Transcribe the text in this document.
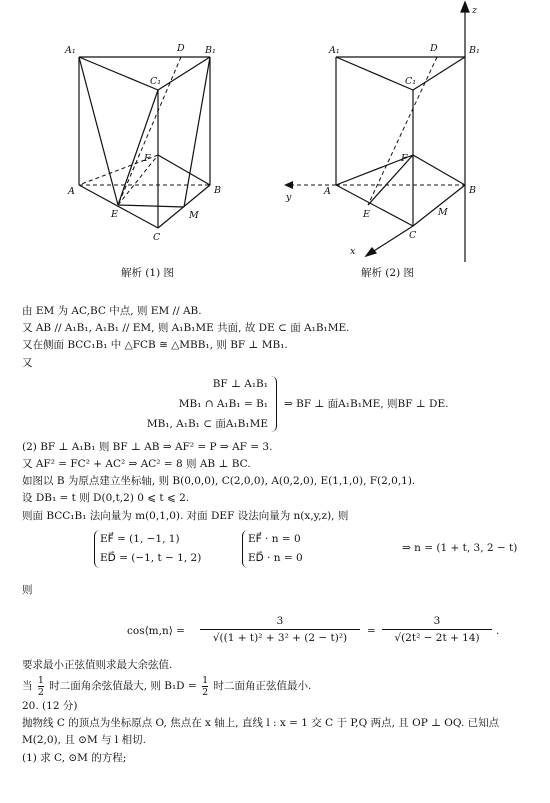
A₁	D B₁
C₁
F
A	B
E	M
C
解析 (1) 图
z
A₁	D	B₁
C₁
F
A	B
E	M
C
y
x
解析 (2) 图
由 EM 为 AC,BC 中点, 则 EM // AB.
又 AB // A₁B₁, A₁B₁ // EM, 则 A₁B₁ME 共面, 故 DE ⊂ 面 A₁B₁ME.
又在侧面 BCC₁B₁ 中 △FCB ≅ △MBB₁, 则 BF ⊥ MB₁.
又
BF ⊥ A₁B₁
MB₁ ∩ A₁B₁ = B₁
MB₁, A₁B₁ ⊂ 面A₁B₁ME
⇒ BF ⊥ 面A₁B₁ME, 则BF ⊥ DE.
(2) BF ⊥ A₁B₁ 则 BF ⊥ AB ⇒ AF² = P ⇒ AF = 3.
又 AF² = FC² + AC² ⇒ AC² = 8 则 AB ⊥ BC.
如图以 B 为原点建立坐标轴, 则 B(0,0,0), C(2,0,0), A(0,2,0), E(1,1,0), F(2,0,1).
设 DB₁ = t 则 D(0,t,2) 0 ⩽ t ⩽ 2.
则面 BCC₁B₁ 法向量为 m(0,1,0). 对面 DEF 设法向量为 n(x,y,z), 则
EF⃗ = (1, −1, 1)
ED⃗ = (−1, t − 1, 2)
EF⃗ · n = 0
ED⃗ · n = 0
⇒ n = (1 + t, 3, 2 − t)
则
cos⟨m,n⟩ = $\frac{3}{\text{√((1 + t)² + 3² + (2 − t)²)}} = \frac{3}{\text{√(2t² − 2t + 14)}}$ .
要求最小正弦值则求最大余弦值.
当 $\frac{1}{2}$ 时二面角余弦值最大, 则 $B_1D = \frac{1}{2}$ 时二面角正弦值最小.
20. (12 分)
抛物线 C 的顶点为坐标原点 O, 焦点在 x 轴上, 直线 l : x = 1 交 C 于 P,Q 两点, 且 OP ⊥ OQ. 已知点
M(2,0), 且 ⊙M 与 l 相切.
(1) 求 C, ⊙M 的方程;
